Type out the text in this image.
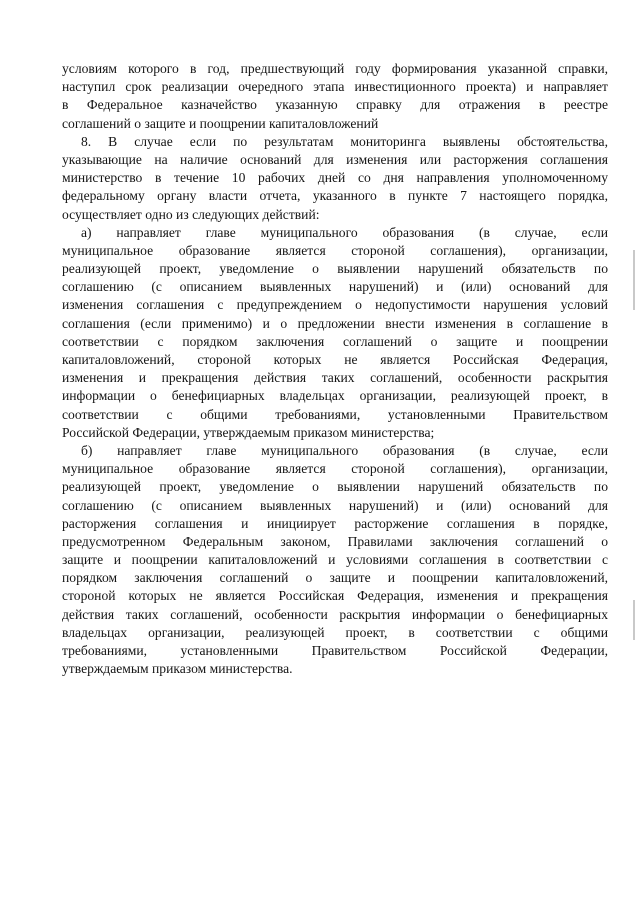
условиям которого в год, предшествующий году формирования указанной справки,
наступил срок реализации очередного этапа инвестиционного проекта) и направляет
в Федеральное казначейство указанную справку для отражения в реестре
соглашений о защите и поощрении капиталовложений
8. В случае если по результатам мониторинга выявлены обстоятельства,
указывающие на наличие оснований для изменения или расторжения соглашения
министерство в течение 10 рабочих дней со дня направления уполномоченному
федеральному органу власти отчета, указанного в пункте 7 настоящего порядка,
осуществляет одно из следующих действий:
а) направляет главе муниципального образования (в случае, если
муниципальное образование является стороной соглашения), организации,
реализующей проект, уведомление о выявлении нарушений обязательств по
соглашению (с описанием выявленных нарушений) и (или) оснований для
изменения соглашения с предупреждением о недопустимости нарушения условий
соглашения (если применимо) и о предложении внести изменения в соглашение в
соответствии с порядком заключения соглашений о защите и поощрении
капиталовложений, стороной которых не является Российская Федерация,
изменения и прекращения действия таких соглашений, особенности раскрытия
информации о бенефициарных владельцах организации, реализующей проект, в
соответствии с общими требованиями, установленными Правительством
Российской Федерации, утверждаемым приказом министерства;
б) направляет главе муниципального образования (в случае, если
муниципальное образование является стороной соглашения), организации,
реализующей проект, уведомление о выявлении нарушений обязательств по
соглашению (с описанием выявленных нарушений) и (или) оснований для
расторжения соглашения и инициирует расторжение соглашения в порядке,
предусмотренном Федеральным законом, Правилами заключения соглашений о
защите и поощрении капиталовложений и условиями соглашения в соответствии с
порядком заключения соглашений о защите и поощрении капиталовложений,
стороной которых не является Российская Федерация, изменения и прекращения
действия таких соглашений, особенности раскрытия информации о бенефициарных
владельцах организации, реализующей проект, в соответствии с общими
требованиями, установленными Правительством Российской Федерации,
утверждаемым приказом министерства.
